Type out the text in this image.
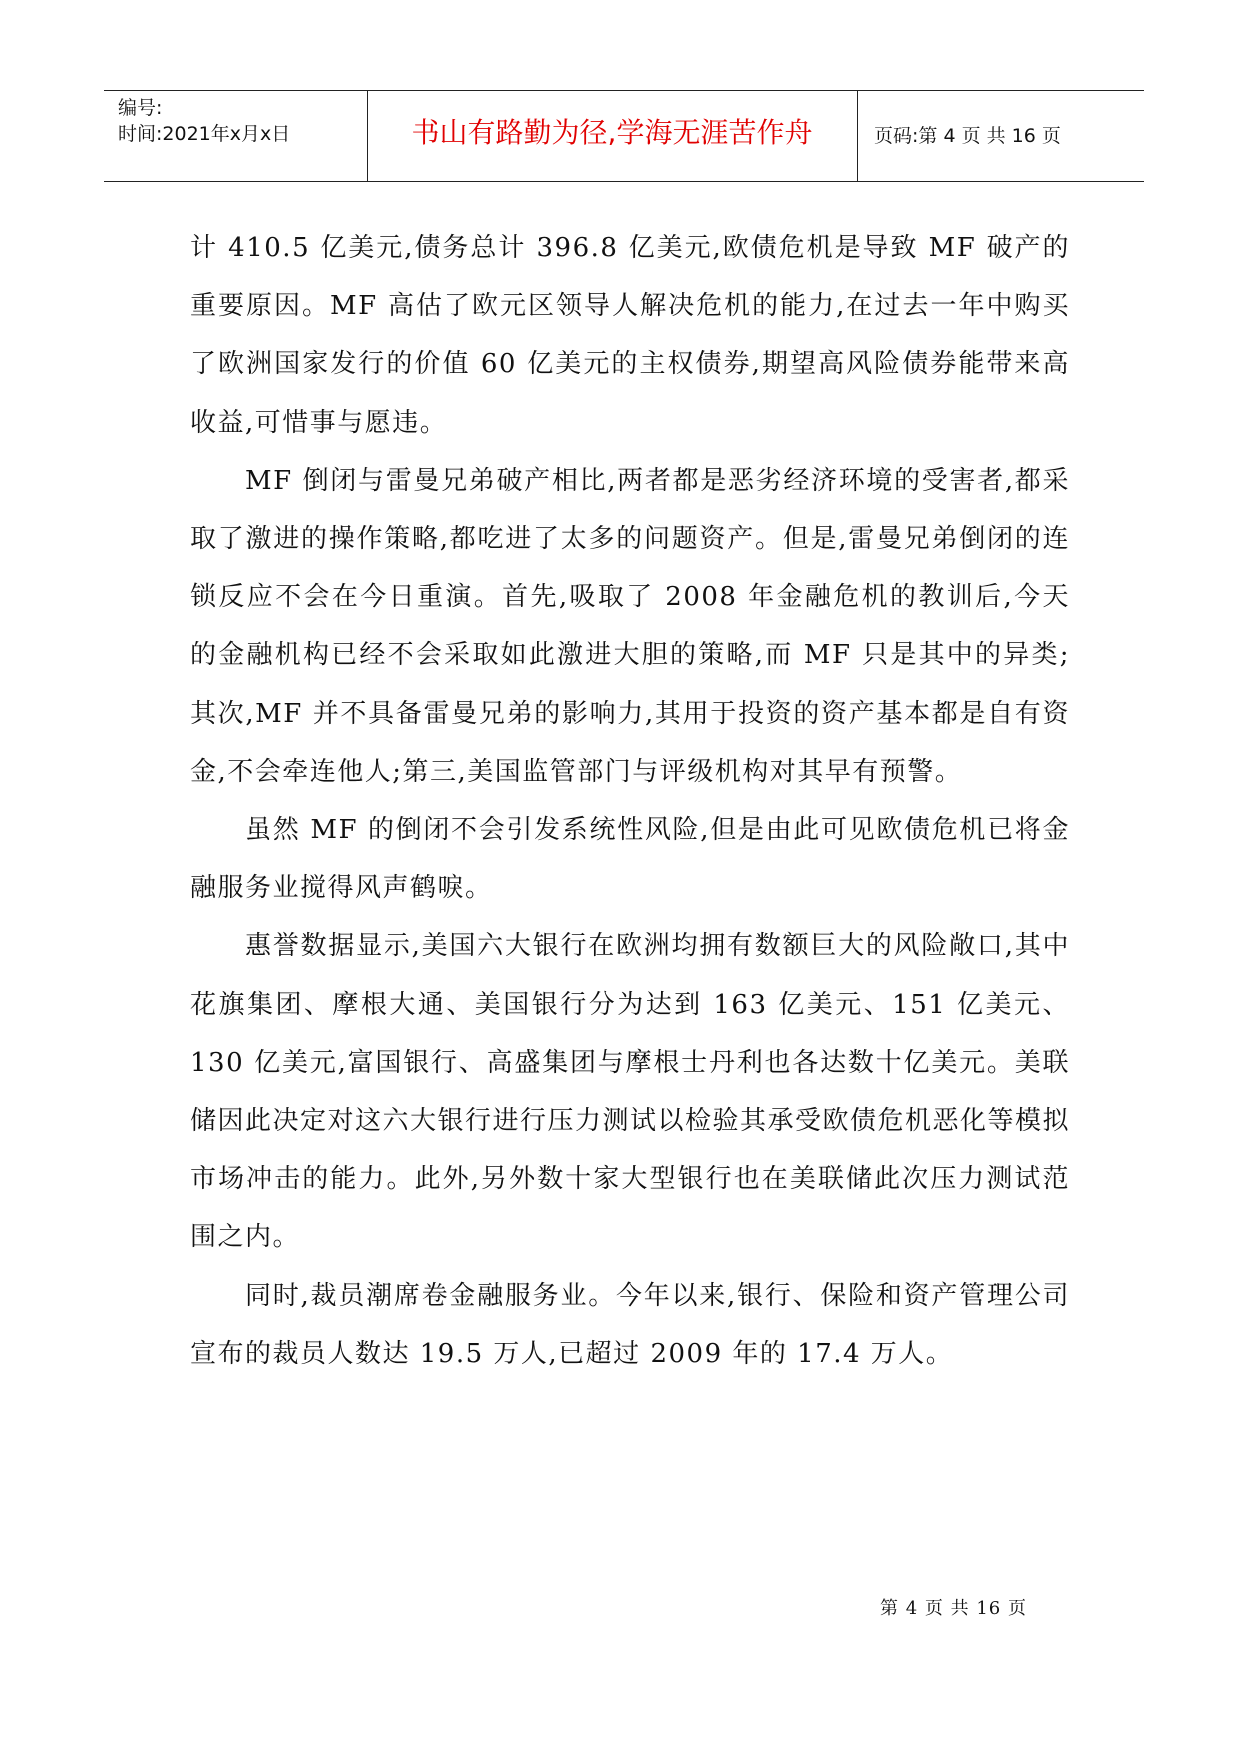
编号:
时间:2021年x月x日	书山有路勤为径,学海无涯苦作舟	页码:第 4 页 共 16 页

计 410.5 亿美元,债务总计 396.8 亿美元,欧债危机是导致 MF 破产的重要原因。MF 高估了欧元区领导人解决危机的能力,在过去一年中购买了欧洲国家发行的价值 60 亿美元的主权债券,期望高风险债券能带来高收益,可惜事与愿违。

MF 倒闭与雷曼兄弟破产相比,两者都是恶劣经济环境的受害者,都采取了激进的操作策略,都吃进了太多的问题资产。但是,雷曼兄弟倒闭的连锁反应不会在今日重演。首先,吸取了 2008 年金融危机的教训后,今天的金融机构已经不会采取如此激进大胆的策略,而 MF 只是其中的异类;其次,MF 并不具备雷曼兄弟的影响力,其用于投资的资产基本都是自有资金,不会牵连他人;第三,美国监管部门与评级机构对其早有预警。

虽然 MF 的倒闭不会引发系统性风险,但是由此可见欧债危机已将金融服务业搅得风声鹤唳。

惠誉数据显示,美国六大银行在欧洲均拥有数额巨大的风险敞口,其中花旗集团、摩根大通、美国银行分为达到 163 亿美元、151 亿美元、130 亿美元,富国银行、高盛集团与摩根士丹利也各达数十亿美元。美联储因此决定对这六大银行进行压力测试以检验其承受欧债危机恶化等模拟市场冲击的能力。此外,另外数十家大型银行也在美联储此次压力测试范围之内。

同时,裁员潮席卷金融服务业。今年以来,银行、保险和资产管理公司宣布的裁员人数达 19.5 万人,已超过 2009 年的 17.4 万人。

第 4 页 共 16 页
